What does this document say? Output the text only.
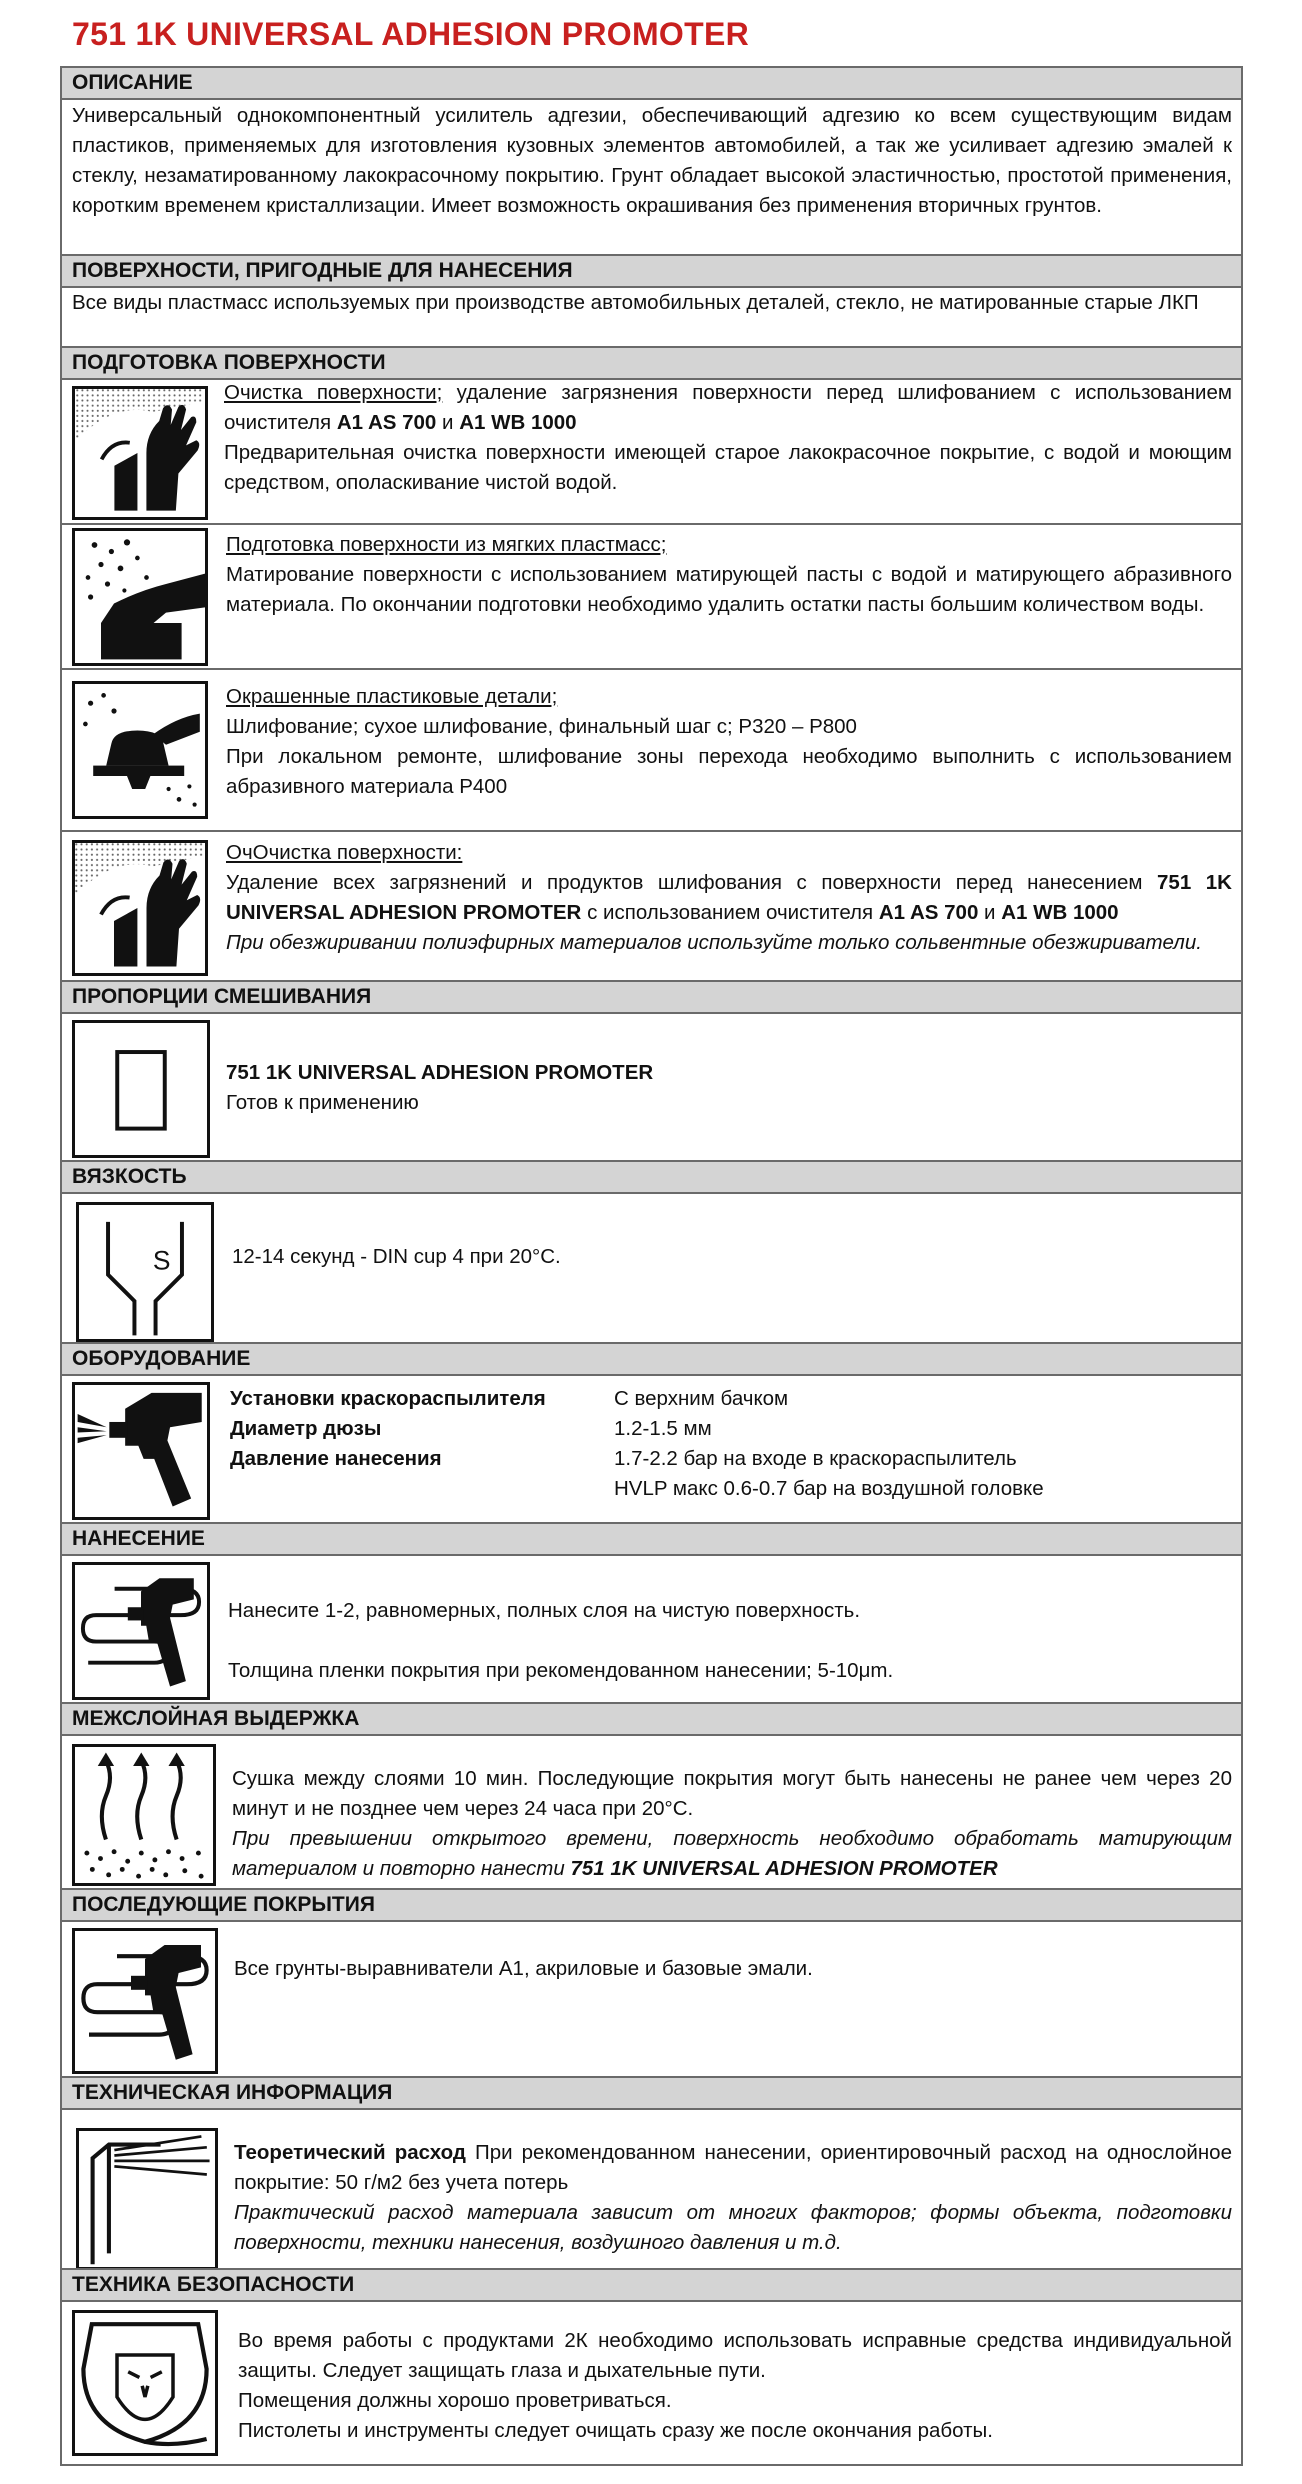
751 1K UNIVERSAL ADHESION PROMOTER
ОПИСАНИЕ
Универсальный однокомпонентный усилитель адгезии, обеспечивающий адгезию ко всем существующим видам пластиков, применяемых для изготовления кузовных элементов автомобилей, а так же усиливает адгезию эмалей к стеклу, незаматированному лакокрасочному покрытию. Грунт обладает высокой эластичностью, простотой применения, коротким временем кристаллизации. Имеет возможность окрашивания без применения вторичных грунтов.
ПОВЕРХНОСТИ, ПРИГОДНЫЕ ДЛЯ НАНЕСЕНИЯ
Все виды пластмасс используемых при производстве автомобильных деталей, стекло, не матированные старые ЛКП
ПОДГОТОВКА ПОВЕРХНОСТИ
Очистка поверхности; удаление загрязнения поверхности перед шлифованием с использованием очистителя A1 AS 700 и A1 WB 1000
Предварительная очистка поверхности имеющей старое лакокрасочное покрытие, с водой и моющим средством, ополаскивание чистой водой.
Подготовка поверхности из мягких пластмасс;
Матирование поверхности с использованием матирующей пасты с водой и матирующего абразивного материала. По окончании подготовки необходимо удалить остатки пасты большим количеством воды.
Окрашенные пластиковые детали;
Шлифование; сухое шлифование, финальный шаг с; P320 – P800
При локальном ремонте, шлифование зоны перехода необходимо выполнить с использованием абразивного материала P400
ОчОчистка поверхности:
Удаление всех загрязнений и продуктов шлифования с поверхности перед нанесением 751 1K UNIVERSAL ADHESION PROMOTER с использованием очистителя A1 AS 700 и A1 WB 1000
При обезжиривании полиэфирных материалов используйте только сольвентные обезжириватели.
ПРОПОРЦИИ СМЕШИВАНИЯ
751 1K UNIVERSAL ADHESION PROMOTER
Готов к применению
ВЯЗКОСТЬ
S	12-14 секунд - DIN cup 4 при 20°C.
ОБОРУДОВАНИЕ
Установки краскораспылителя	С верхним бачком
Диаметр дюзы	1.2-1.5 мм
Давление нанесения	1.7-2.2 бар на входе в краскораспылитель
HVLP макс 0.6-0.7 бар на воздушной головке
НАНЕСЕНИЕ
Нанесите 1-2, равномерных, полных слоя на чистую поверхность.
Толщина пленки покрытия при рекомендованном нанесении; 5-10μm.
МЕЖСЛОЙНАЯ ВЫДЕРЖКА
Сушка между слоями 10 мин. Последующие покрытия могут быть нанесены не ранее чем через 20 минут и не позднее чем через 24 часа при 20°C.
При превышении открытого времени, поверхность необходимо обработать матирующим материалом и повторно нанести 751 1K UNIVERSAL ADHESION PROMOTER
ПОСЛЕДУЮЩИЕ ПОКРЫТИЯ
Все грунты-выравниватели А1, акриловые и базовые эмали.
ТЕХНИЧЕСКАЯ ИНФОРМАЦИЯ
Теоретический расход При рекомендованном нанесении, ориентировочный расход на однослойное покрытие: 50 г/м2 без учета потерь
Практический расход материала зависит от многих факторов; формы объекта, подготовки поверхности, техники нанесения, воздушного давления и т.д.
ТЕХНИКА БЕЗОПАСНОСТИ
Во время работы с продуктами 2К необходимо использовать исправные средства индивидуальной защиты. Следует защищать глаза и дыхательные пути.
Помещения должны хорошо проветриваться.
Пистолеты и инструменты следует очищать сразу же после окончания работы.
